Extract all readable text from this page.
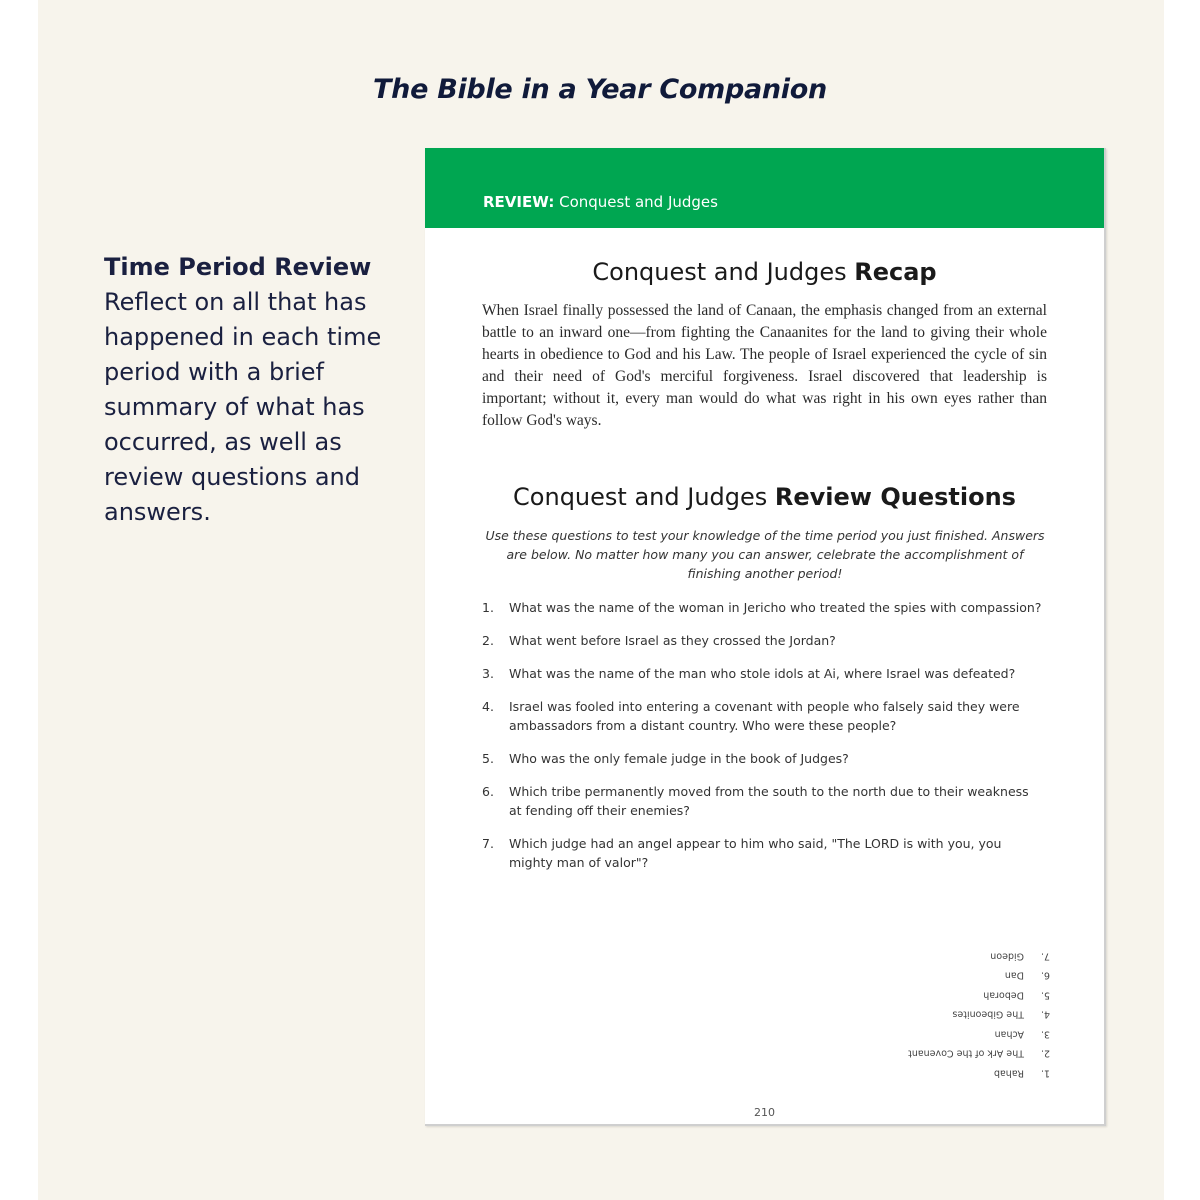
The Bible in a Year Companion
Time Period Review
Reflect on all that has happened in each time period with a brief summary of what has occurred, as well as review questions and answers.
REVIEW: Conquest and Judges
Conquest and Judges Recap
When Israel finally possessed the land of Canaan, the emphasis changed from an external battle to an inward one—from fighting the Canaanites for the land to giving their whole hearts in obedience to God and his Law. The people of Israel experienced the cycle of sin and their need of God's merciful forgiveness. Israel discovered that leadership is important; without it, every man would do what was right in his own eyes rather than follow God's ways.
Conquest and Judges Review Questions
Use these questions to test your knowledge of the time period you just finished. Answers are below. No matter how many you can answer, celebrate the accomplishment of finishing another period!
1.	What was the name of the woman in Jericho who treated the spies with compassion?
2.	What went before Israel as they crossed the Jordan?
3.	What was the name of the man who stole idols at Ai, where Israel was defeated?
4.	Israel was fooled into entering a covenant with people who falsely said they were ambassadors from a distant country. Who were these people?
5.	Who was the only female judge in the book of Judges?
6.	Which tribe permanently moved from the south to the north due to their weakness at fending off their enemies?
7.	Which judge had an angel appear to him who said, "The LORD is with you, you mighty man of valor"?
1.
Rahab
2.
The Ark of the Covenant
3.
Achan
4.
The Gibeonites
5.
Deborah
6.
Dan
7.
Gideon
210
